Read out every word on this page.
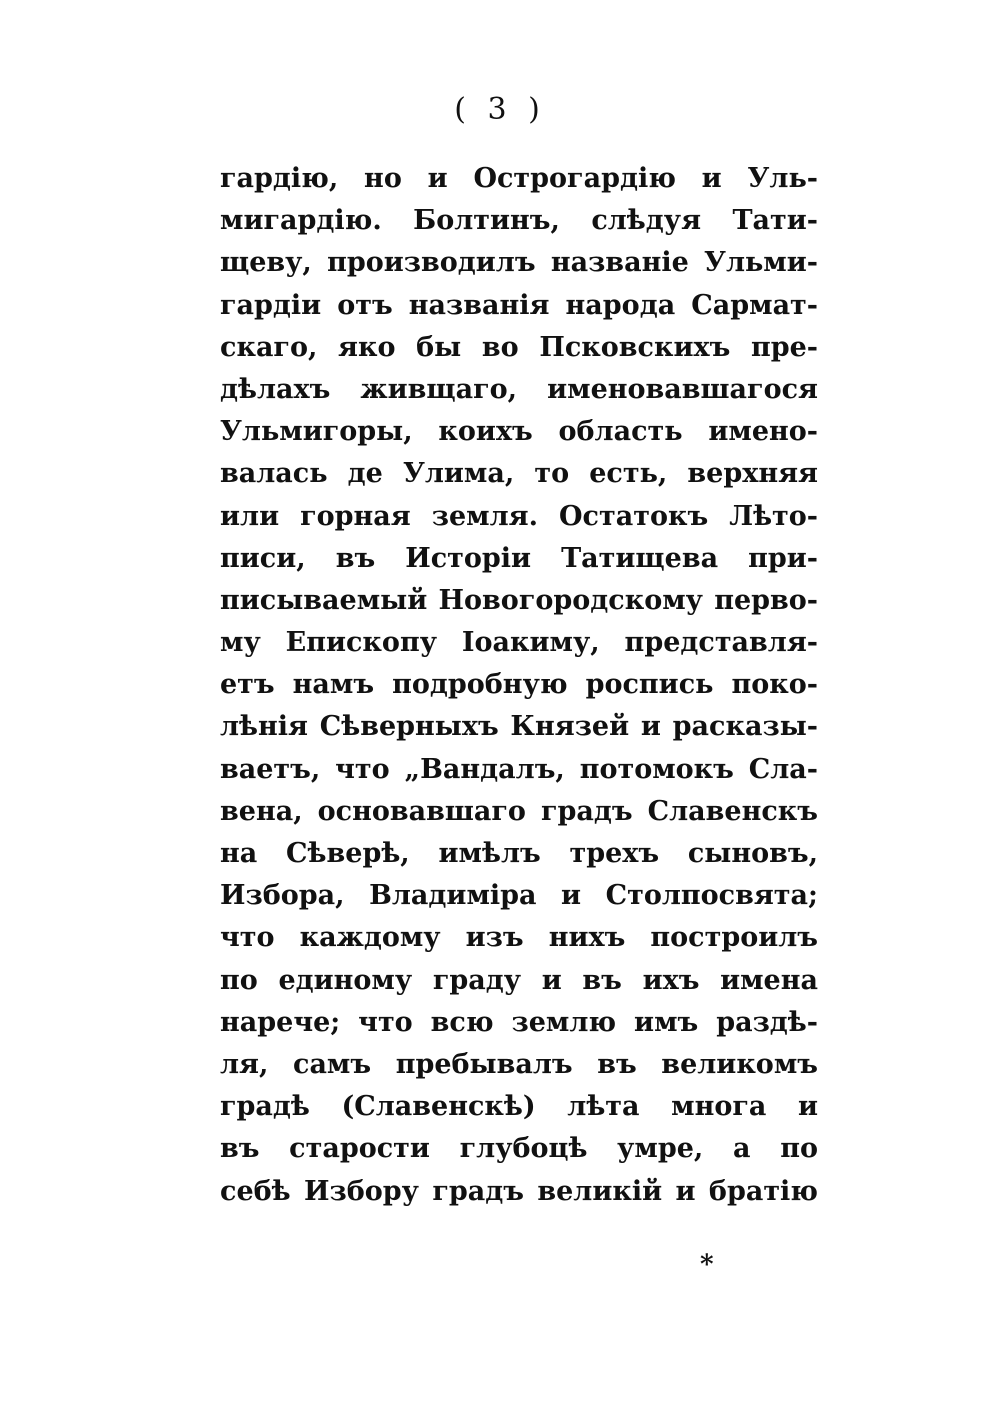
( 3 )
гардію, но и Острогардію и Уль-
мигардію. Болтинъ, слѣдуя Тати-
щеву, производилъ названіе Ульми-
гардіи отъ названія народа Сармат-
скаго, яко бы во Псковскихъ пре-
дѣлахъ живщаго, именовавшагося
Ульмигоры, коихъ область имено-
валась де Улима, то есть, верхняя
или горная земля. Остатокъ Лѣто-
писи, въ Исторіи Татищева при-
писываемый Новогородскому перво-
му Епископу Іоакиму, представля-
етъ намъ подробную роспись поко-
лѣнія Сѣверныхъ Князей и расказы-
ваетъ, что „Вандалъ, потомокъ Сла-
вена, основавшаго градъ Славенскъ
на Сѣверѣ, имѣлъ трехъ сыновъ,
Избора, Владиміра и Столпосвята;
что каждому изъ нихъ построилъ
по единому граду и въ ихъ имена
нарече; что всю землю имъ раздѣ-
ля, самъ пребывалъ въ великомъ
градѣ (Славенскѣ) лѣта многа и
въ старости глубоцѣ умре, а по
себѣ Избору градъ великій и братію
*
